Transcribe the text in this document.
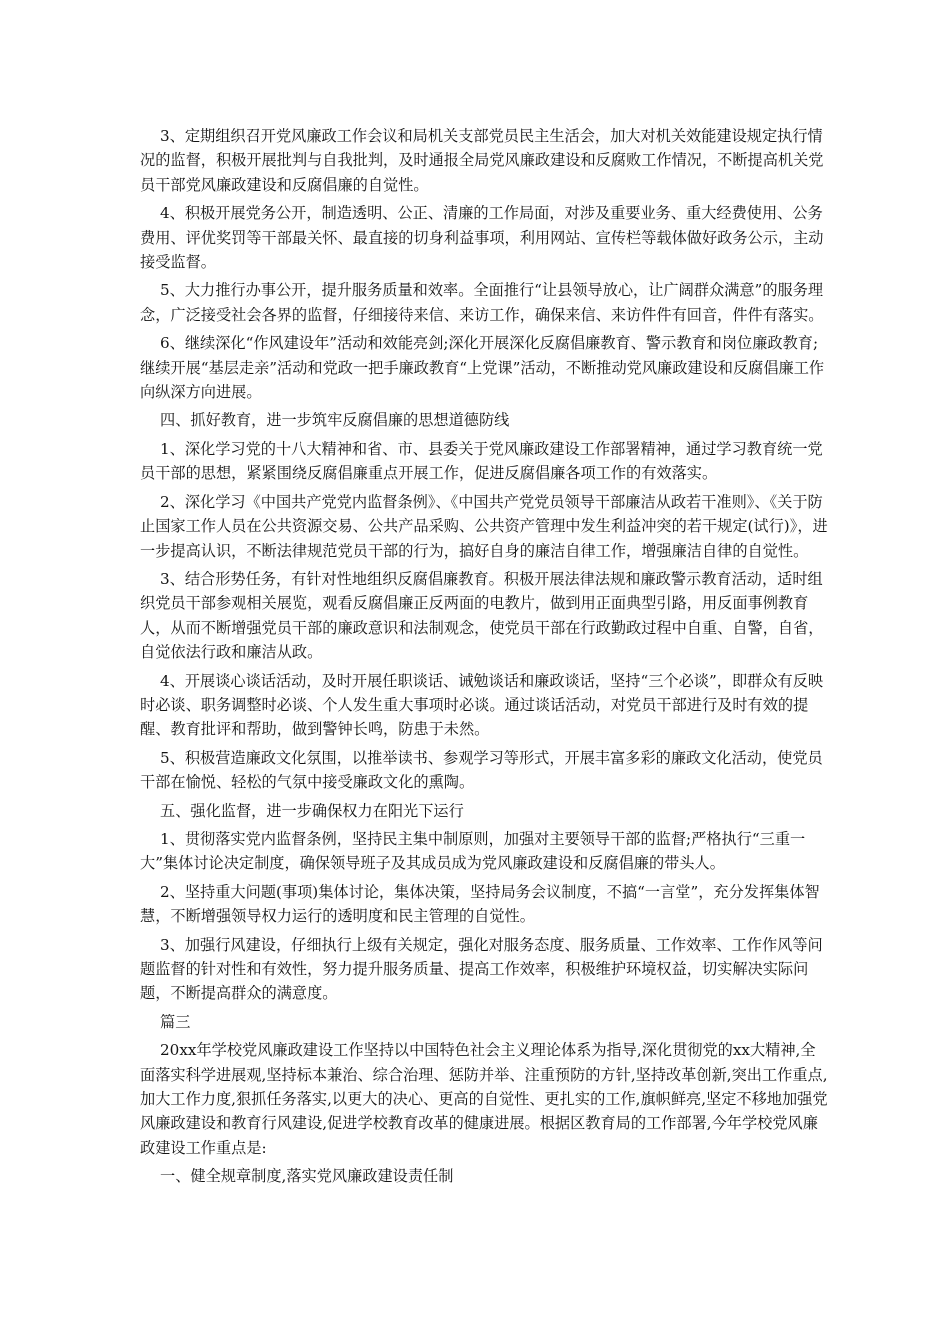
3、定期组织召开党风廉政工作会议和局机关支部党员民主生活会，加大对机关效能建设规定执行情况的监督，积极开展批判与自我批判，及时通报全局党风廉政建设和反腐败工作情况，不断提高机关党员干部党风廉政建设和反腐倡廉的自觉性。

4、积极开展党务公开，制造透明、公正、清廉的工作局面，对涉及重要业务、重大经费使用、公务费用、评优奖罚等干部最关怀、最直接的切身利益事项，利用网站、宣传栏等载体做好政务公示，主动接受监督。

5、大力推行办事公开，提升服务质量和效率。全面推行“让县领导放心，让广阔群众满意”的服务理念，广泛接受社会各界的监督，仔细接待来信、来访工作，确保来信、来访件件有回音，件件有落实。

6、继续深化“作风建设年”活动和效能亮剑;深化开展深化反腐倡廉教育、警示教育和岗位廉政教育;继续开展“基层走亲”活动和党政一把手廉政教育“上党课”活动，不断推动党风廉政建设和反腐倡廉工作向纵深方向进展。

四、抓好教育，进一步筑牢反腐倡廉的思想道德防线

1、深化学习党的十八大精神和省、市、县委关于党风廉政建设工作部署精神，通过学习教育统一党员干部的思想，紧紧围绕反腐倡廉重点开展工作，促进反腐倡廉各项工作的有效落实。

2、深化学习《中国共产党党内监督条例》、《中国共产党党员领导干部廉洁从政若干准则》、《关于防止国家工作人员在公共资源交易、公共产品采购、公共资产管理中发生利益冲突的若干规定(试行)》，进一步提高认识，不断法律规范党员干部的行为，搞好自身的廉洁自律工作，增强廉洁自律的自觉性。

3、结合形势任务，有针对性地组织反腐倡廉教育。积极开展法律法规和廉政警示教育活动，适时组织党员干部参观相关展览，观看反腐倡廉正反两面的电教片，做到用正面典型引路，用反面事例教育人，从而不断增强党员干部的廉政意识和法制观念，使党员干部在行政勤政过程中自重、自警，自省，自觉依法行政和廉洁从政。

4、开展谈心谈话活动，及时开展任职谈话、诫勉谈话和廉政谈话，坚持“三个必谈”，即群众有反映时必谈、职务调整时必谈、个人发生重大事项时必谈。通过谈话活动，对党员干部进行及时有效的提醒、教育批评和帮助，做到警钟长鸣，防患于未然。

5、积极营造廉政文化氛围，以推举读书、参观学习等形式，开展丰富多彩的廉政文化活动，使党员干部在愉悦、轻松的气氛中接受廉政文化的熏陶。

五、强化监督，进一步确保权力在阳光下运行

1、贯彻落实党内监督条例，坚持民主集中制原则，加强对主要领导干部的监督;严格执行“三重一大”集体讨论决定制度，确保领导班子及其成员成为党风廉政建设和反腐倡廉的带头人。

2、坚持重大问题(事项)集体讨论，集体决策，坚持局务会议制度，不搞“一言堂”，充分发挥集体智慧，不断增强领导权力运行的透明度和民主管理的自觉性。

3、加强行风建设，仔细执行上级有关规定，强化对服务态度、服务质量、工作效率、工作作风等问题监督的针对性和有效性，努力提升服务质量、提高工作效率，积极维护环境权益，切实解决实际问题，不断提高群众的满意度。

篇三

20xx年学校党风廉政建设工作坚持以中国特色社会主义理论体系为指导,深化贯彻党的xx大精神,全面落实科学进展观,坚持标本兼治、综合治理、惩防并举、注重预防的方针,坚持改革创新,突出工作重点,加大工作力度,狠抓任务落实,以更大的决心、更高的自觉性、更扎实的工作,旗帜鲜亮,坚定不移地加强党风廉政建设和教育行风建设,促进学校教育改革的健康进展。根据区教育局的工作部署,今年学校党风廉政建设工作重点是:

一、健全规章制度,落实党风廉政建设责任制
